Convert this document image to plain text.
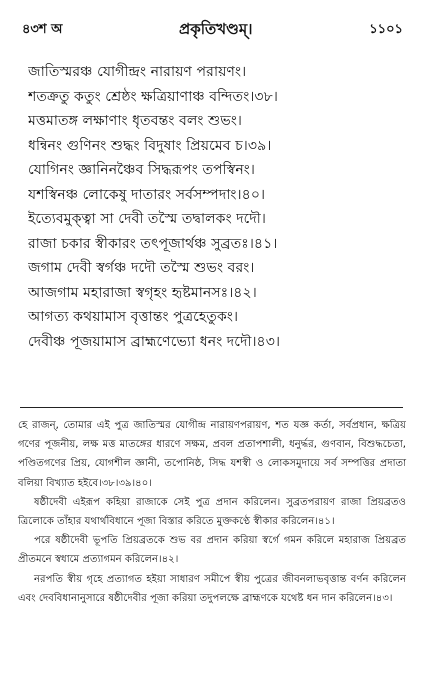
৪৩শ অ	প্রকৃতিখণ্ডম্‌।	১১০১
জাতিস্মরঞ্চ যোগীন্দ্রং নারায়ণ পরায়ণং।
শতক্রতু কতুং শ্রেষ্ঠং ক্ষত্রিয়াণাঞ্চ বন্দিতং।৩৮।
মত্তমাতঙ্গ লক্ষাণাং ধৃতবন্তং বলং শুভং।
ধন্বিনং গুণিনং শুদ্ধং বিদুষাং প্রিয়মেব চ।৩৯।
যোগিনং জ্ঞানিনঞ্চৈব সিদ্ধরূপং তপস্বিনং।
যশস্বিনঞ্চ লোকেষু দাতারং সর্বসম্পদাং।৪০।
ইত্যেবমুক্ত্বা সা দেবী তস্মৈ তদ্বালকং দদৌ।
রাজা চকার স্বীকারং তৎপূজার্থঞ্চ সুব্রতঃ।৪১।
জগাম দেবী স্বর্গঞ্চ দদৌ তস্মৈ শুভং বরং।
আজগাম মহারাজা স্বগৃহং হৃষ্টমানসঃ।৪২।
আগত্য কথয়ামাস বৃত্তান্তং পুত্রহেতুকং।
দেবীঞ্চ পূজয়ামাস ব্রাহ্মণেভ্যো ধনং দদৌ।৪৩।

হে রাজন্‌, তোমার এই পুত্র জাতিস্মর যোগীন্দ্র নারায়ণপরায়ণ, শত যজ্ঞ কর্তা, সর্বপ্রধান, ক্ষত্রিয় গণের পূজনীয়, লক্ষ মত্ত মাতঙ্গের ধারণে সক্ষম, প্রবল প্রতাপশালী, ধনুর্দ্ধর, গুণবান, বিশুদ্ধচেতা, পণ্ডিতগণের প্রিয়, যোগশীল জ্ঞানী, তপোনিষ্ঠ, সিদ্ধ যশস্বী ও লোকসমুদায়ে সর্ব সম্পত্তির প্রদাতা বলিয়া বিখ্যাত হইবে।৩৮।৩৯।৪০।

ষষ্ঠীদেবী এইরূপ কহিয়া রাজাকে সেই পুত্র প্রদান করিলেন। সুব্রতপরায়ণ রাজা প্রিয়ব্রতও ত্রিলোকে তাঁহার যথার্থবিধানে পূজা বিস্তার করিতে মুক্তকণ্ঠে স্বীকার করিলেন।৪১।

পরে ষষ্ঠীদেবী ভূপতি প্রিয়ব্রতকে শুভ বর প্রদান করিয়া স্বর্গে গমন করিলে মহারাজ প্রিয়ব্রত প্রীতমনে স্বধামে প্রত্যাগমন করিলেন।৪২।

নরপতি স্বীয় গৃহে প্রত্যাগত হইয়া সাধারণ সমীপে স্বীয় পুত্রের জীবনলাভবৃত্তান্ত বর্ণন করিলেন এবং দেববিধানানুসারে ষষ্ঠীদেবীর পূজা করিয়া তদুপলক্ষে ব্রাহ্মণকে যথেষ্ট ধন দান করিলেন।৪৩।
